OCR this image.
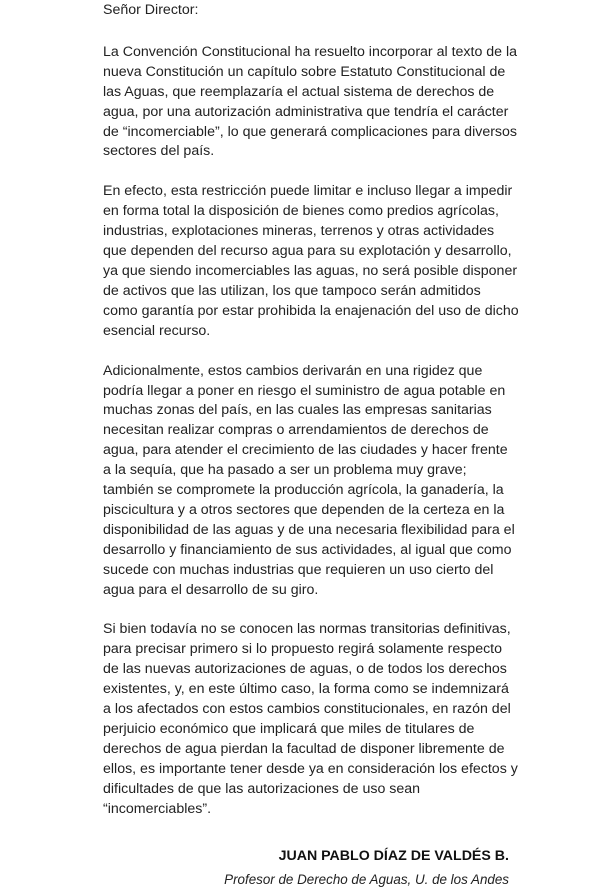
Señor Director:
La Convención Constitucional ha resuelto incorporar al texto de la
nueva Constitución un capítulo sobre Estatuto Constitucional de
las Aguas, que reemplazaría el actual sistema de derechos de
agua, por una autorización administrativa que tendría el carácter
de “incomerciable”, lo que generará complicaciones para diversos
sectores del país.
En efecto, esta restricción puede limitar e incluso llegar a impedir
en forma total la disposición de bienes como predios agrícolas,
industrias, explotaciones mineras, terrenos y otras actividades
que dependen del recurso agua para su explotación y desarrollo,
ya que siendo incomerciables las aguas, no será posible disponer
de activos que las utilizan, los que tampoco serán admitidos
como garantía por estar prohibida la enajenación del uso de dicho
esencial recurso.
Adicionalmente, estos cambios derivarán en una rigidez que
podría llegar a poner en riesgo el suministro de agua potable en
muchas zonas del país, en las cuales las empresas sanitarias
necesitan realizar compras o arrendamientos de derechos de
agua, para atender el crecimiento de las ciudades y hacer frente
a la sequía, que ha pasado a ser un problema muy grave;
también se compromete la producción agrícola, la ganadería, la
piscicultura y a otros sectores que dependen de la certeza en la
disponibilidad de las aguas y de una necesaria flexibilidad para el
desarrollo y financiamiento de sus actividades, al igual que como
sucede con muchas industrias que requieren un uso cierto del
agua para el desarrollo de su giro.
Si bien todavía no se conocen las normas transitorias definitivas,
para precisar primero si lo propuesto regirá solamente respecto
de las nuevas autorizaciones de aguas, o de todos los derechos
existentes, y, en este último caso, la forma como se indemnizará
a los afectados con estos cambios constitucionales, en razón del
perjuicio económico que implicará que miles de titulares de
derechos de agua pierdan la facultad de disponer libremente de
ellos, es importante tener desde ya en consideración los efectos y
dificultades de que las autorizaciones de uso sean
“incomerciables”.
JUAN PABLO DÍAZ DE VALDÉS B.
Profesor de Derecho de Aguas, U. de los Andes
